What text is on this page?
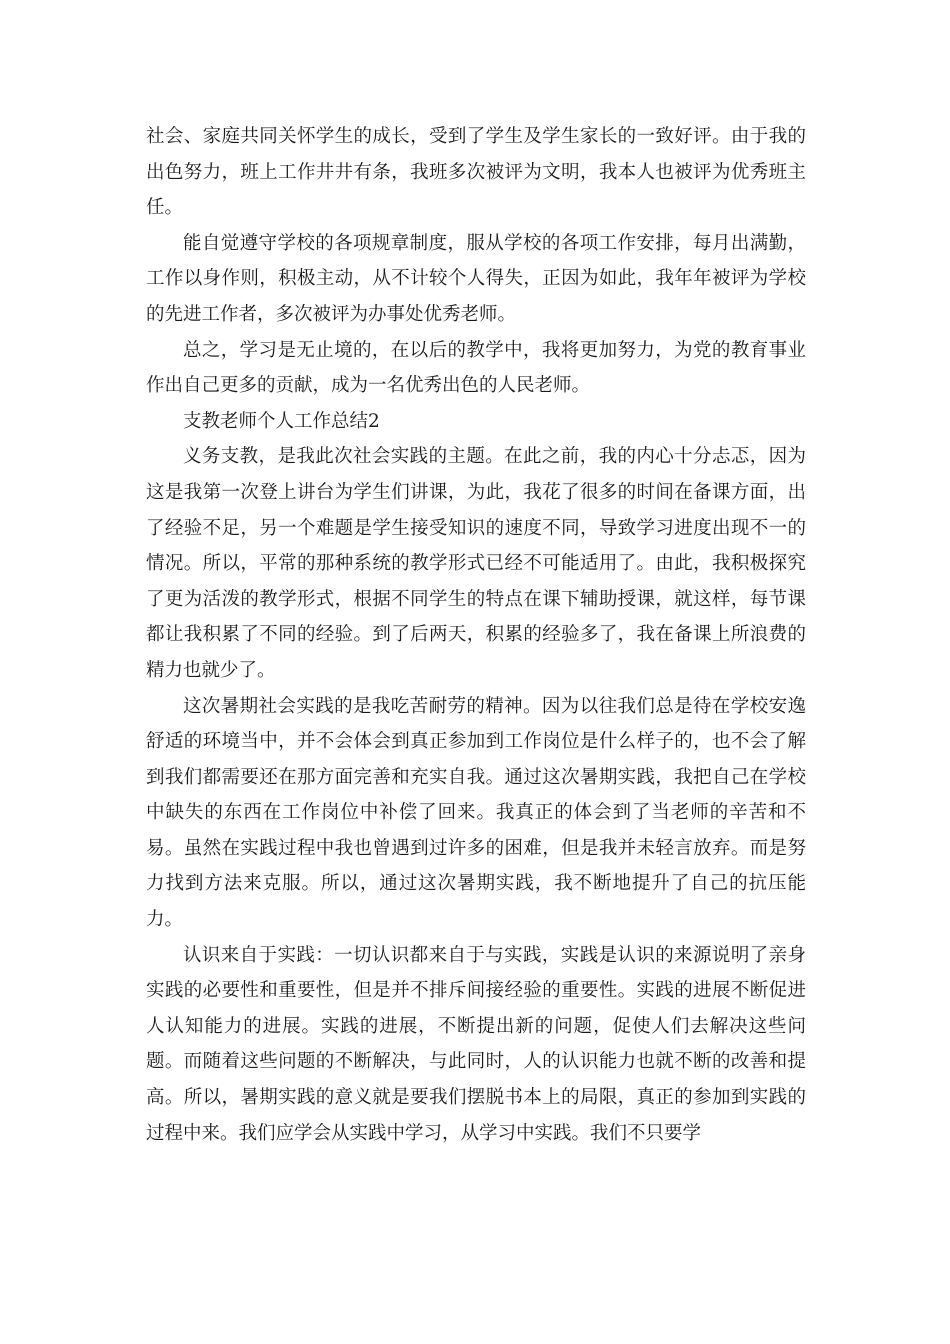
社会、家庭共同关怀学生的成长，受到了学生及学生家长的一致好评。由于我的出色努力，班上工作井井有条，我班多次被评为文明，我本人也被评为优秀班主任。

能自觉遵守学校的各项规章制度，服从学校的各项工作安排，每月出满勤，工作以身作则，积极主动，从不计较个人得失，正因为如此，我年年被评为学校的先进工作者，多次被评为办事处优秀老师。

总之，学习是无止境的，在以后的教学中，我将更加努力，为党的教育事业作出自己更多的贡献，成为一名优秀出色的人民老师。

支教老师个人工作总结2

义务支教，是我此次社会实践的主题。在此之前，我的内心十分忐忑，因为这是我第一次登上讲台为学生们讲课，为此，我花了很多的时间在备课方面，出了经验不足，另一个难题是学生接受知识的速度不同，导致学习进度出现不一的情况。所以，平常的那种系统的教学形式已经不可能适用了。由此，我积极探究了更为活泼的教学形式，根据不同学生的特点在课下辅助授课，就这样，每节课都让我积累了不同的经验。到了后两天，积累的经验多了，我在备课上所浪费的精力也就少了。

这次暑期社会实践的是我吃苦耐劳的精神。因为以往我们总是待在学校安逸舒适的环境当中，并不会体会到真正参加到工作岗位是什么样子的，也不会了解到我们都需要还在那方面完善和充实自我。通过这次暑期实践，我把自己在学校中缺失的东西在工作岗位中补偿了回来。我真正的体会到了当老师的辛苦和不易。虽然在实践过程中我也曾遇到过许多的困难，但是我并未轻言放弃。而是努力找到方法来克服。所以，通过这次暑期实践，我不断地提升了自己的抗压能力。

认识来自于实践：一切认识都来自于与实践，实践是认识的来源说明了亲身实践的必要性和重要性，但是并不排斥间接经验的重要性。实践的进展不断促进人认知能力的进展。实践的进展，不断提出新的问题，促使人们去解决这些问题。而随着这些问题的不断解决，与此同时，人的认识能力也就不断的改善和提高。所以，暑期实践的意义就是要我们摆脱书本上的局限，真正的参加到实践的过程中来。我们应学会从实践中学习，从学习中实践。我们不只要学
